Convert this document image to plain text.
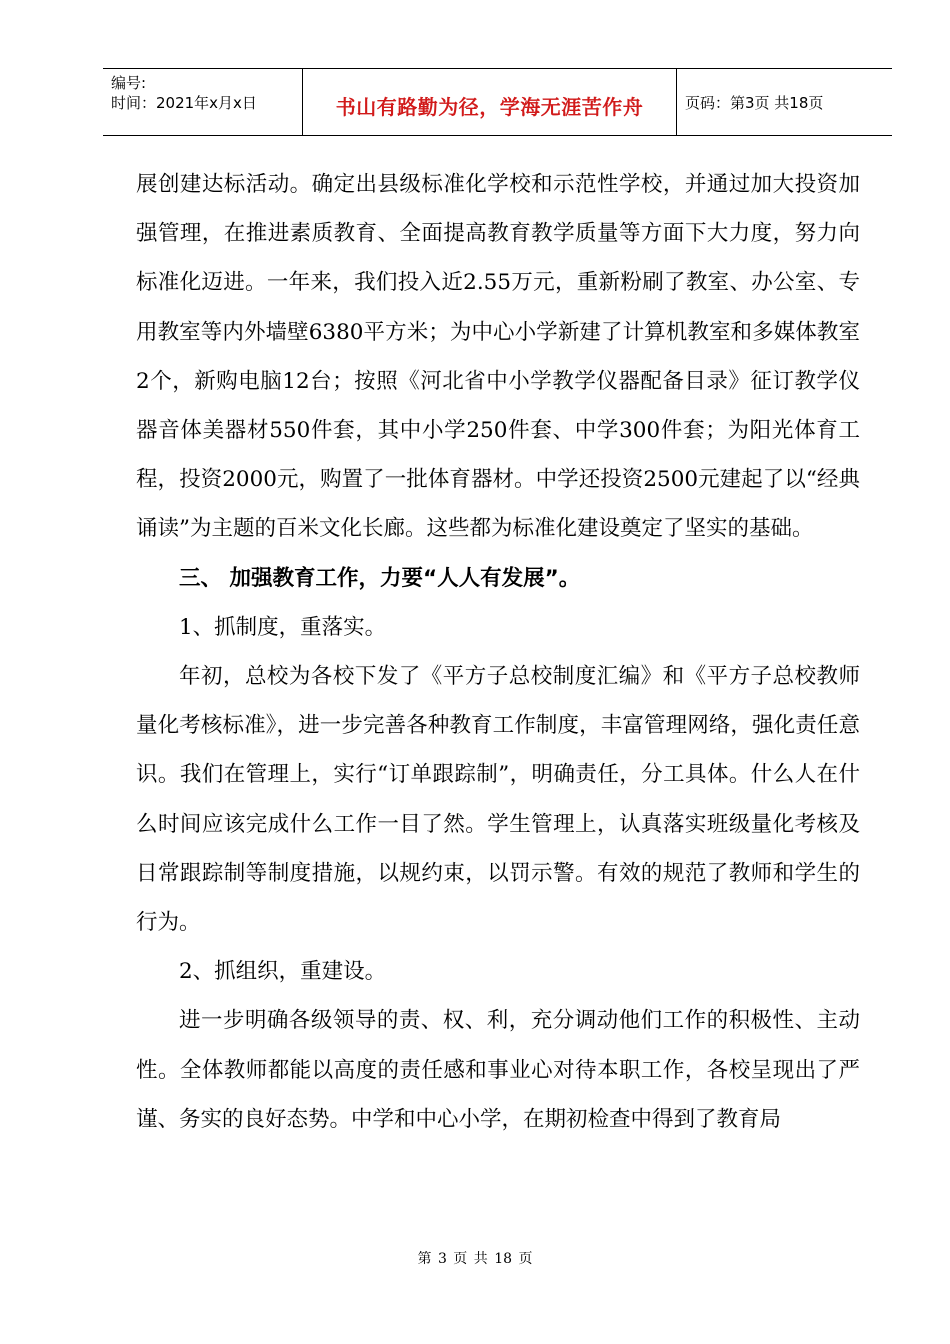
编号:
时间：2021年x月x日	书山有路勤为径，学海无涯苦作舟	页码：第3页 共18页

展创建达标活动。确定出县级标准化学校和示范性学校，并通过加大投资加强管理，在推进素质教育、全面提高教育教学质量等方面下大力度，努力向标准化迈进。一年来，我们投入近2.55万元，重新粉刷了教室、办公室、专用教室等内外墙壁6380平方米；为中心小学新建了计算机教室和多媒体教室2个，新购电脑12台；按照《河北省中小学教学仪器配备目录》征订教学仪器音体美器材550件套，其中小学250件套、中学300件套；为阳光体育工程，投资2000元，购置了一批体育器材。中学还投资2500元建起了以“经典诵读”为主题的百米文化长廊。这些都为标准化建设奠定了坚实的基础。

三、 加强教育工作，力要“人人有发展”。

1、抓制度，重落实。

年初，总校为各校下发了《平方子总校制度汇编》和《平方子总校教师量化考核标准》，进一步完善各种教育工作制度，丰富管理网络，强化责任意识。我们在管理上，实行“订单跟踪制”，明确责任，分工具体。什么人在什么时间应该完成什么工作一目了然。学生管理上，认真落实班级量化考核及日常跟踪制等制度措施，以规约束，以罚示警。有效的规范了教师和学生的行为。

2、抓组织，重建设。

进一步明确各级领导的责、权、利，充分调动他们工作的积极性、主动性。全体教师都能以高度的责任感和事业心对待本职工作，各校呈现出了严谨、务实的良好态势。中学和中心小学，在期初检查中得到了教育局

第 3 页 共 18 页
